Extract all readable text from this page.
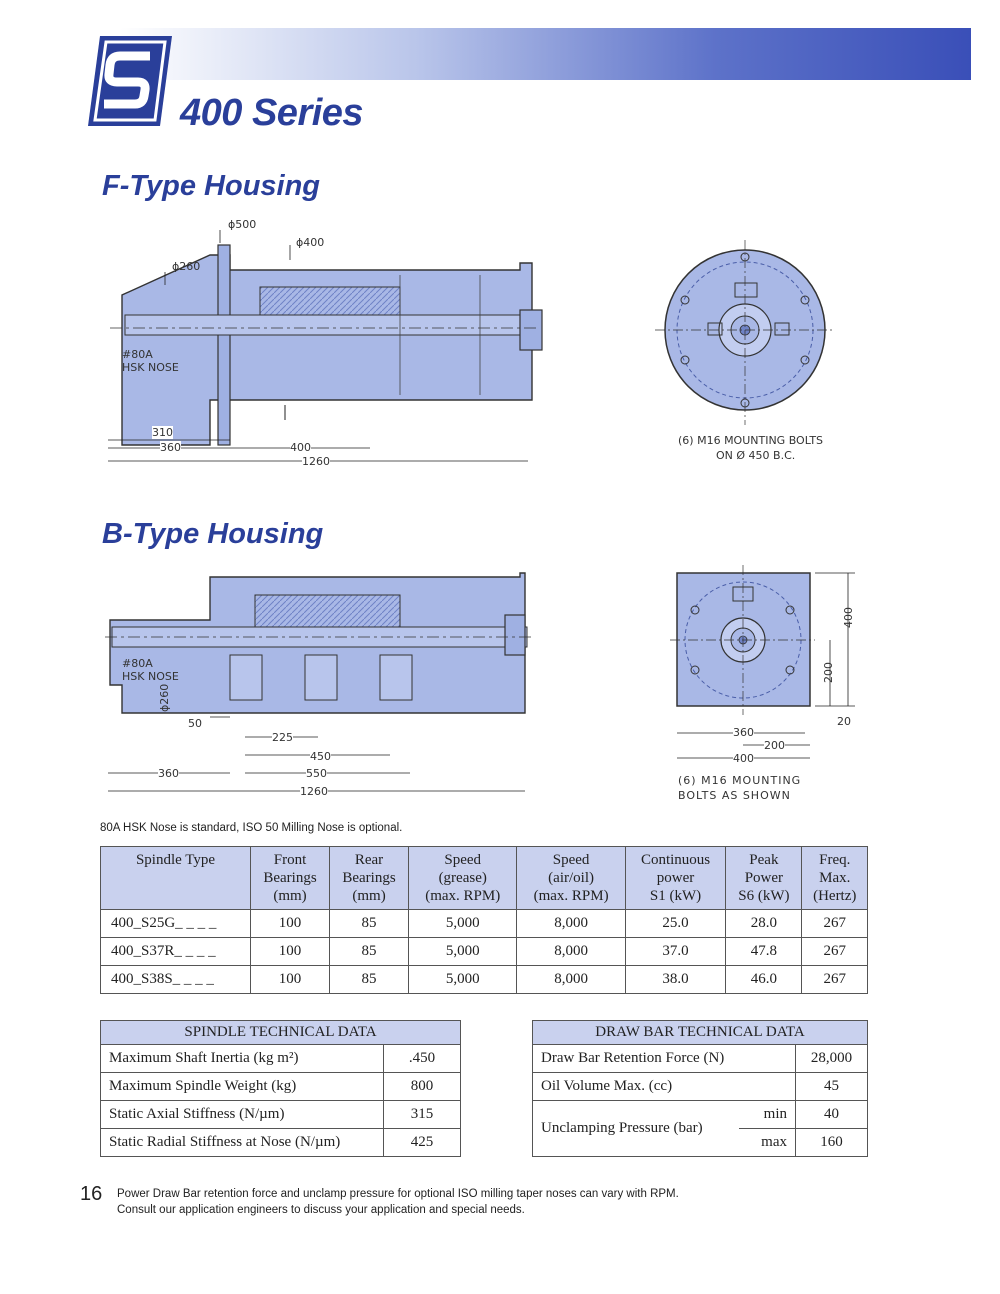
400 Series
F-Type Housing
ϕ500
ϕ400
ϕ260
#80A
HSK NOSE
310
360	400
1260
(6) M16 MOUNTING BOLTS
ON Ø 450 B.C.
B-Type Housing
#80A
HSK NOSE
ϕ260
50
225
450
360	550
1260
400
200
20
360
200
400
(6) M16 MOUNTING
BOLTS AS SHOWN
80A HSK Nose is standard, ISO 50 Milling Nose is optional.
Spindle Type	Front
Bearings
(mm)	Rear
Bearings
(mm)	Speed
(grease)
(max. RPM)	Speed
(air/oil)
(max. RPM)	Continuous
power
S1 (kW)	Peak
Power
S6 (kW)	Freq.
Max.
(Hertz)
400_S25G_ _ _ _	100	85	5,000	8,000	25.0	28.0	267
400_S37R_ _ _ _	100	85	5,000	8,000	37.0	47.8	267
400_S38S_ _ _ _	100	85	5,000	8,000	38.0	46.0	267
SPINDLE TECHNICAL DATA	
Maximum Shaft Inertia (kg m²)	.450
Maximum Spindle Weight (kg)	800
Static Axial Stiffness (N/µm)	315
Static Radial Stiffness at Nose (N/µm)	425
DRAW BAR TECHNICAL DATA		
Draw Bar Retention Force (N)		28,000
Oil Volume Max. (cc)		45
Unclamping Pressure (bar)	min	40
	max	160
16 Power Draw Bar retention force and unclamp pressure for optional ISO milling taper noses can vary with RPM.
Consult our application engineers to discuss your application and special needs.
